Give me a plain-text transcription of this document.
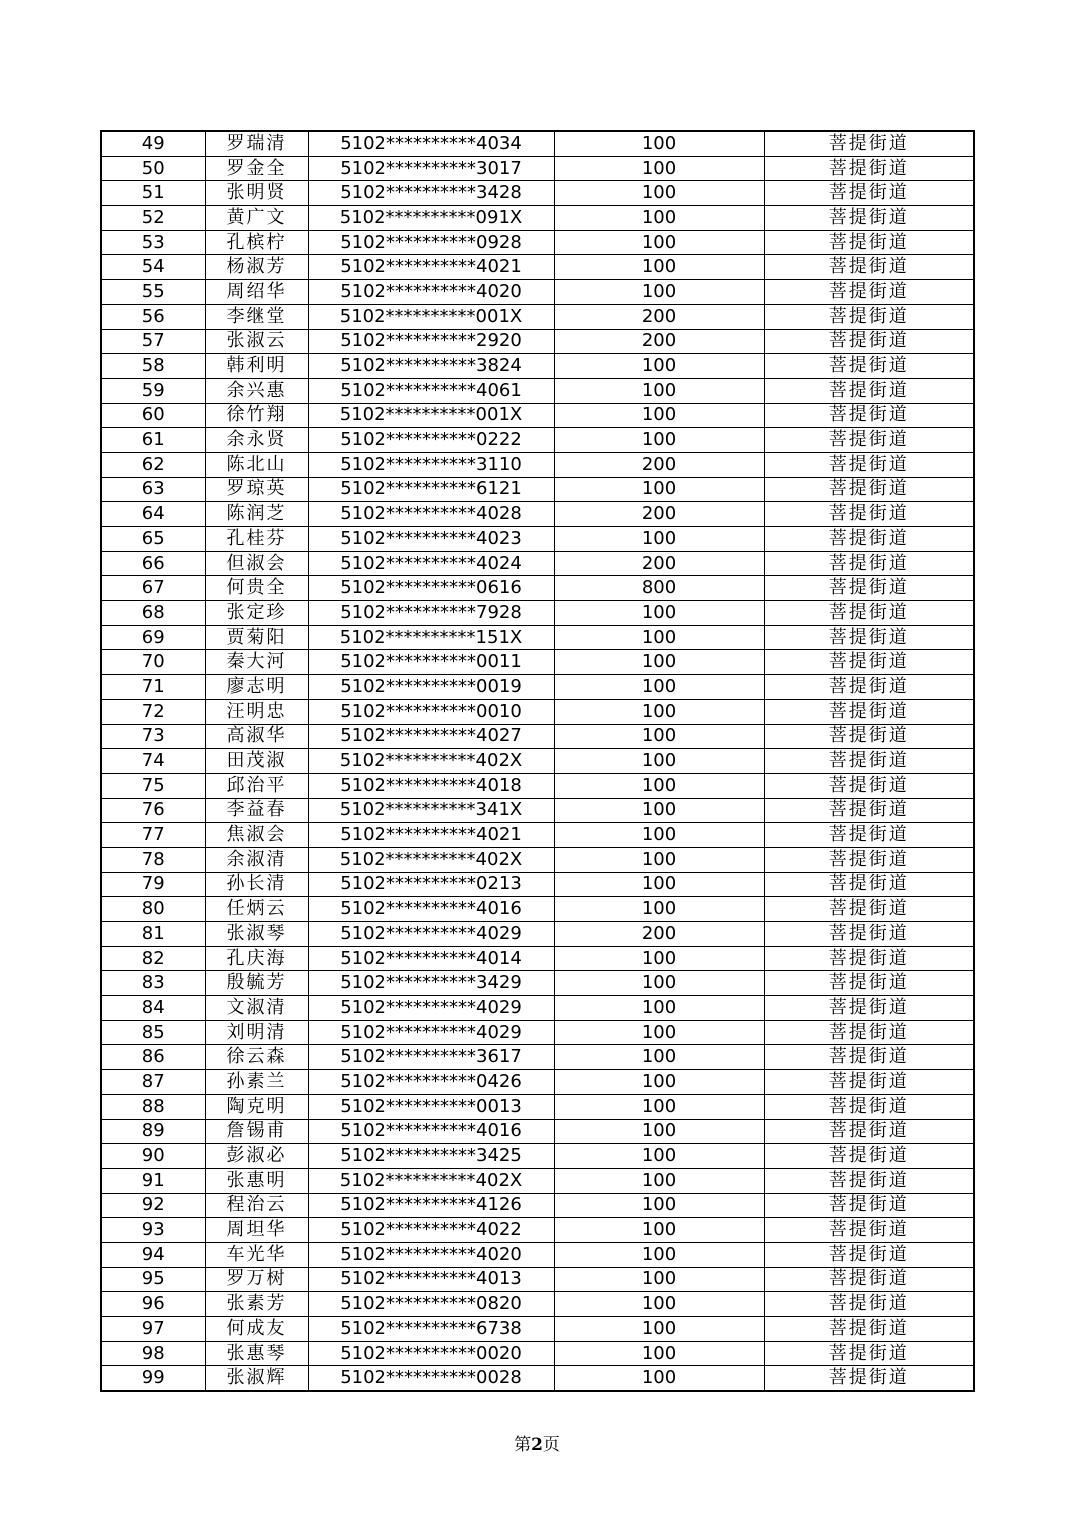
49	罗瑞清	5102**********4034	100	菩提街道
50	罗金全	5102**********3017	100	菩提街道
51	张明贤	5102**********3428	100	菩提街道
52	黄广文	5102**********091X	100	菩提街道
53	孔槟柠	5102**********0928	100	菩提街道
54	杨淑芳	5102**********4021	100	菩提街道
55	周绍华	5102**********4020	100	菩提街道
56	李继堂	5102**********001X	200	菩提街道
57	张淑云	5102**********2920	200	菩提街道
58	韩利明	5102**********3824	100	菩提街道
59	余兴惠	5102**********4061	100	菩提街道
60	徐竹翔	5102**********001X	100	菩提街道
61	余永贤	5102**********0222	100	菩提街道
62	陈北山	5102**********3110	200	菩提街道
63	罗琼英	5102**********6121	100	菩提街道
64	陈润芝	5102**********4028	200	菩提街道
65	孔桂芬	5102**********4023	100	菩提街道
66	但淑会	5102**********4024	200	菩提街道
67	何贵全	5102**********0616	800	菩提街道
68	张定珍	5102**********7928	100	菩提街道
69	贾菊阳	5102**********151X	100	菩提街道
70	秦大河	5102**********0011	100	菩提街道
71	廖志明	5102**********0019	100	菩提街道
72	汪明忠	5102**********0010	100	菩提街道
73	高淑华	5102**********4027	100	菩提街道
74	田茂淑	5102**********402X	100	菩提街道
75	邱治平	5102**********4018	100	菩提街道
76	李益春	5102**********341X	100	菩提街道
77	焦淑会	5102**********4021	100	菩提街道
78	余淑清	5102**********402X	100	菩提街道
79	孙长清	5102**********0213	100	菩提街道
80	任炳云	5102**********4016	100	菩提街道
81	张淑琴	5102**********4029	200	菩提街道
82	孔庆海	5102**********4014	100	菩提街道
83	殷毓芳	5102**********3429	100	菩提街道
84	文淑清	5102**********4029	100	菩提街道
85	刘明清	5102**********4029	100	菩提街道
86	徐云森	5102**********3617	100	菩提街道
87	孙素兰	5102**********0426	100	菩提街道
88	陶克明	5102**********0013	100	菩提街道
89	詹锡甫	5102**********4016	100	菩提街道
90	彭淑必	5102**********3425	100	菩提街道
91	张惠明	5102**********402X	100	菩提街道
92	程治云	5102**********4126	100	菩提街道
93	周坦华	5102**********4022	100	菩提街道
94	车光华	5102**********4020	100	菩提街道
95	罗万树	5102**********4013	100	菩提街道
96	张素芳	5102**********0820	100	菩提街道
97	何成友	5102**********6738	100	菩提街道
98	张惠琴	5102**********0020	100	菩提街道
99	张淑辉	5102**********0028	100	菩提街道
第2页
